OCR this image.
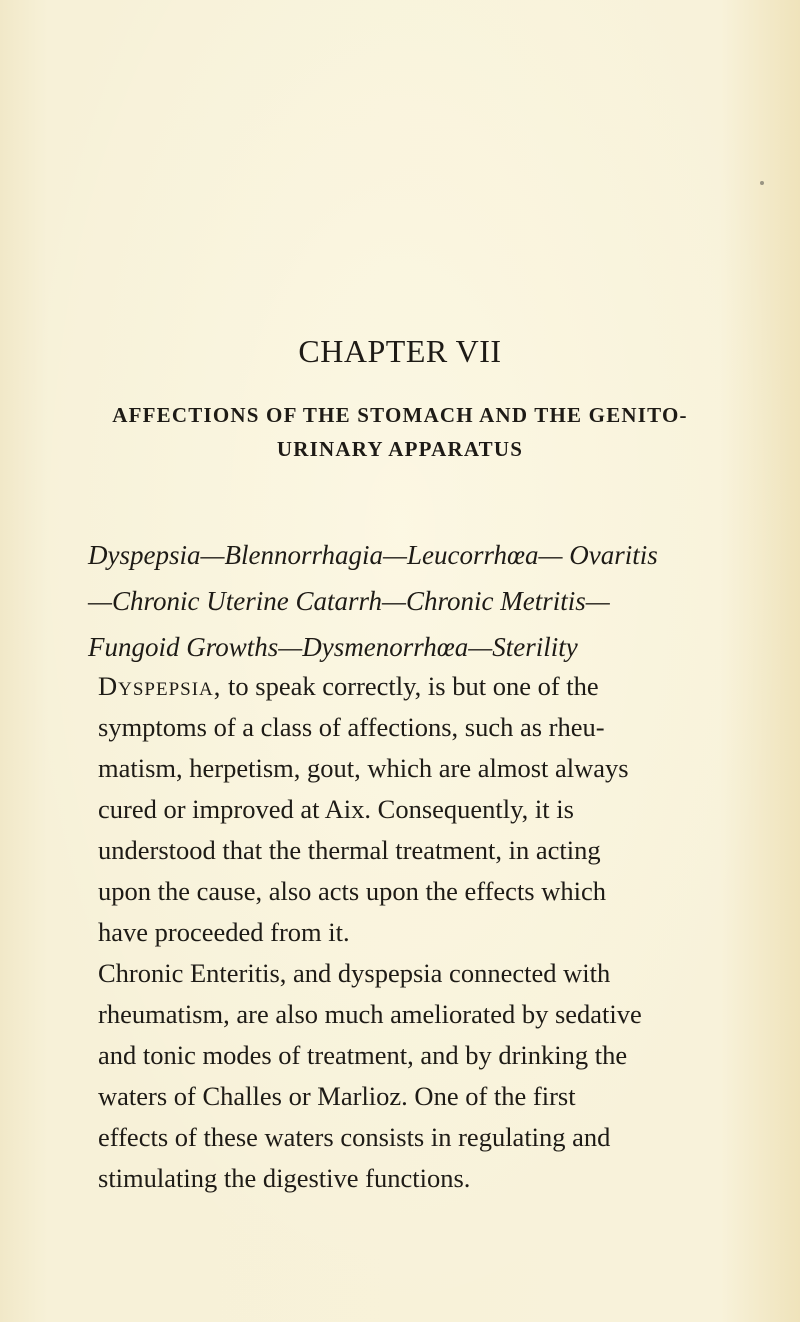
CHAPTER VII
AFFECTIONS OF THE STOMACH AND THE GENITO-
URINARY APPARATUS

Dyspepsia—Blennorrhagia—Leucorrhœa— Ovaritis
—Chronic Uterine Catarrh—Chronic Metritis—
Fungoid Growths—Dysmenorrhœa—Sterility

Dyspepsia, to speak correctly, is but one of the
symptoms of a class of affections, such as rheu-
matism, herpetism, gout, which are almost always
cured or improved at Aix. Consequently, it is
understood that the thermal treatment, in acting
upon the cause, also acts upon the effects which
have proceeded from it.
Chronic Enteritis, and dyspepsia connected with
rheumatism, are also much ameliorated by sedative
and tonic modes of treatment, and by drinking the
waters of Challes or Marlioz. One of the first
effects of these waters consists in regulating and
stimulating the digestive functions.
